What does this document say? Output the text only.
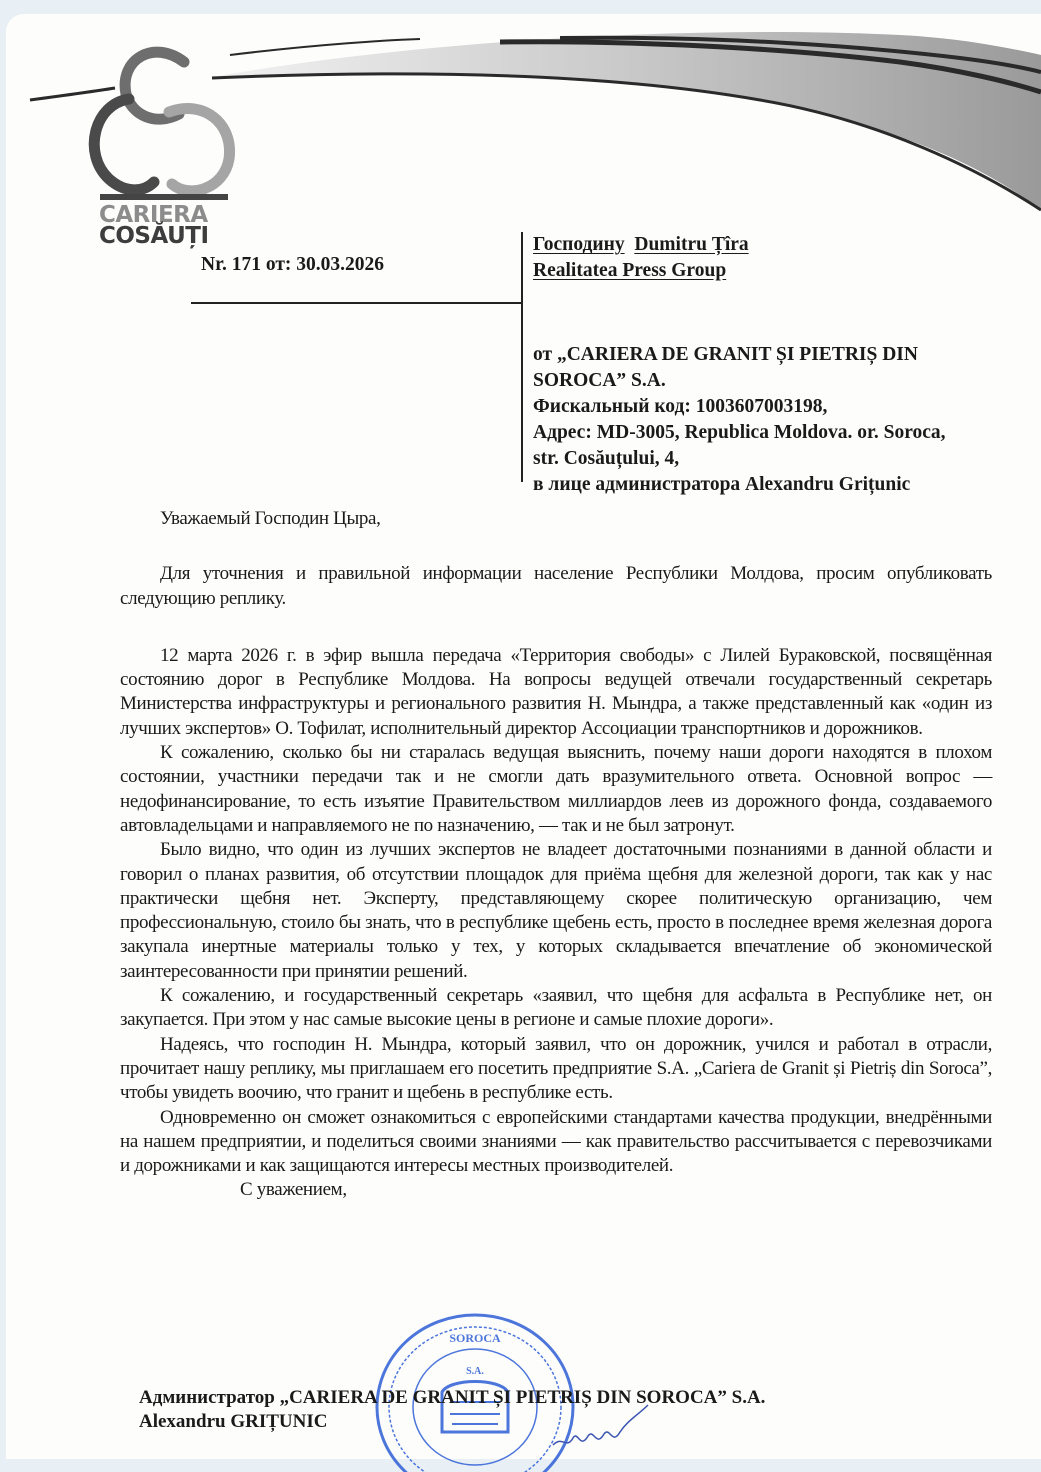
CARIERA
COSĂUȚI
Nr. 171 от: 30.03.2026
Господину Dumitru Țîra
Realitatea Press Group
от „CARIERA DE GRANIT ȘI PIETRIȘ DIN
SOROCA” S.A.
Фискальный код: 1003607003198,
Адрес: MD-3005, Republica Moldova. or. Soroca,
str. Cosăuțului, 4,
в лице администратора Alexandru Grițunic

Уважаемый Господин Цыра,

Для уточнения и правильной информации население Республики Молдова, просим опубликовать следующию реплику.

12 марта 2026 г. в эфир вышла передача «Территория свободы» с Лилей Бураковской, посвящённая состоянию дорог в Республике Молдова. На вопросы ведущей отвечали государственный секретарь Министерства инфраструктуры и регионального развития Н. Мындра, а также представленный как «один из лучших экспертов» О. Тофилат, исполнительный директор Ассоциации транспортников и дорожников.

К сожалению, сколько бы ни старалась ведущая выяснить, почему наши дороги находятся в плохом состоянии, участники передачи так и не смогли дать вразумительного ответа. Основной вопрос — недофинансирование, то есть изъятие Правительством миллиардов леев из дорожного фонда, создаваемого автовладельцами и направляемого не по назначению, — так и не был затронут.

Было видно, что один из лучших экспертов не владеет достаточными познаниями в данной области и говорил о планах развития, об отсутствии площадок для приёма щебня для железной дороги, так как у нас практически щебня нет. Эксперту, представляющему скорее политическую организацию, чем профессиональную, стоило бы знать, что в республике щебень есть, просто в последнее время железная дорога закупала инертные материалы только у тех, у которых складывается впечатление об экономической заинтересованности при принятии решений.

К сожалению, и государственный секретарь «заявил, что щебня для асфальта в Республике нет, он закупается. При этом у нас самые высокие цены в регионе и самые плохие дороги».

Надеясь, что господин Н. Мындра, который заявил, что он дорожник, учился и работал в отрасли, прочитает нашу реплику, мы приглашаем его посетить предприятие S.A. „Cariera de Granit și Pietriș din Soroca”, чтобы увидеть воочию, что гранит и щебень в республике есть.

Одновременно он сможет ознакомиться с европейскими стандартами качества продукции, внедрёнными на нашем предприятии, и поделиться своими знаниями — как правительство рассчитывается с перевозчиками и дорожниками и как защищаются интересы местных производителей.

С уважением,

SOROCA
S.A.
Администратор „CARIERA DE GRANIT ȘI PIETRIȘ DIN SOROCA” S.A.
Alexandru GRIȚUNIC
